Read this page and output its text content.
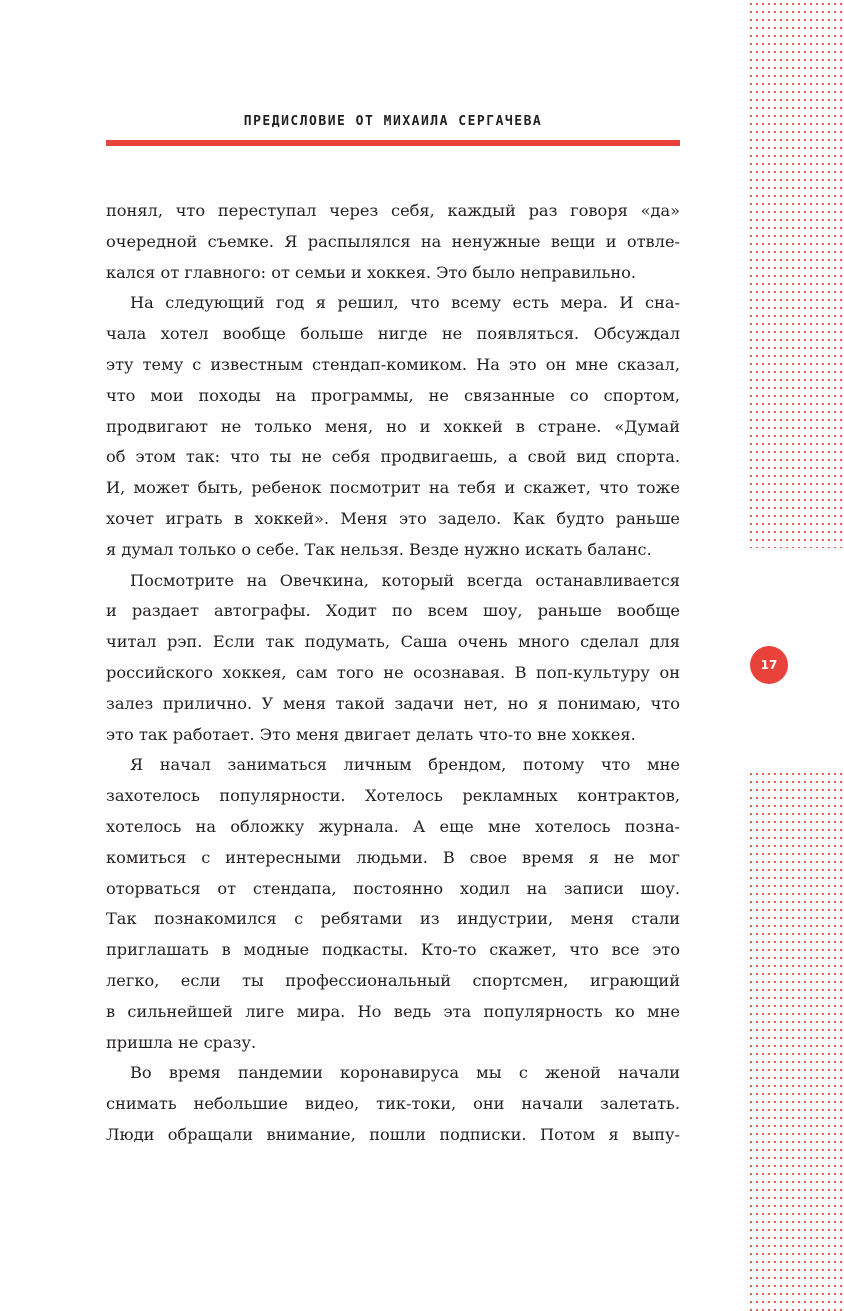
ПРЕДИСЛОВИЕ ОТ МИХАИЛА СЕРГАЧЕВА
17
понял, что переступал через себя, каждый раз говоря «да»
очередной съемке. Я распылялся на ненужные вещи и отвле-
кался от главного: от семьи и хоккея. Это было неправильно.
На следующий год я решил, что всему есть мера. И сна-
чала хотел вообще больше нигде не появляться. Обсуждал
эту тему с известным стендап-комиком. На это он мне сказал,
что мои походы на программы, не связанные со спортом,
продвигают не только меня, но и хоккей в стране. «Думай
об этом так: что ты не себя продвигаешь, а свой вид спорта.
И, может быть, ребенок посмотрит на тебя и скажет, что тоже
хочет играть в хоккей». Меня это задело. Как будто раньше
я думал только о себе. Так нельзя. Везде нужно искать баланс.
Посмотрите на Овечкина, который всегда останавливается
и раздает автографы. Ходит по всем шоу, раньше вообще
читал рэп. Если так подумать, Саша очень много сделал для
российского хоккея, сам того не осознавая. В поп-культуру он
залез прилично. У меня такой задачи нет, но я понимаю, что
это так работает. Это меня двигает делать что-то вне хоккея.
Я начал заниматься личным брендом, потому что мне
захотелось популярности. Хотелось рекламных контрактов,
хотелось на обложку журнала. А еще мне хотелось позна-
комиться с интересными людьми. В свое время я не мог
оторваться от стендапа, постоянно ходил на записи шоу.
Так познакомился с ребятами из индустрии, меня стали
приглашать в модные подкасты. Кто-то скажет, что все это
легко, если ты профессиональный спортсмен, играющий
в сильнейшей лиге мира. Но ведь эта популярность ко мне
пришла не сразу.
Во время пандемии коронавируса мы с женой начали
снимать небольшие видео, тик-токи, они начали залетать.
Люди обращали внимание, пошли подписки. Потом я выпу-
